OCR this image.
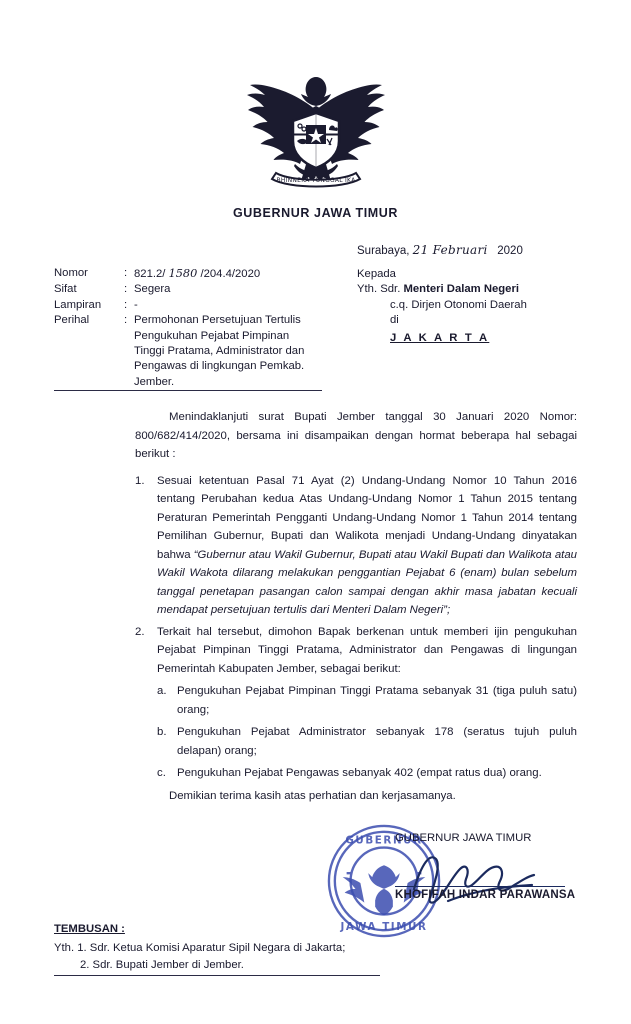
BHINNEKA TUNGGAL IKA
GUBERNUR JAWA TIMUR
Surabaya, 21 Februari 2020
Nomor	: 821.2/ 1580 /204.4/2020
Sifat	: Segera
Lampiran	: -
Perihal	: Permohonan Persetujuan Tertulis Pengukuhan Pejabat Pimpinan Tinggi Pratama, Administrator dan Pengawas di lingkungan Pemkab. Jember.
Kepada
Yth. Sdr. Menteri Dalam Negeri
c.q. Dirjen Otonomi Daerah
di
J A K A R T A

Menindaklanjuti surat Bupati Jember tanggal 30 Januari 2020 Nomor: 800/682/414/2020, bersama ini disampaikan dengan hormat beberapa hal sebagai berikut :

1. Sesuai ketentuan Pasal 71 Ayat (2) Undang-Undang Nomor 10 Tahun 2016 tentang Perubahan kedua Atas Undang-Undang Nomor 1 Tahun 2015 tentang Peraturan Pemerintah Pengganti Undang-Undang Nomor 1 Tahun 2014 tentang Pemilihan Gubernur, Bupati dan Walikota menjadi Undang-Undang dinyatakan bahwa “Gubernur atau Wakil Gubernur, Bupati atau Wakil Bupati dan Walikota atau Wakil Wakota dilarang melakukan penggantian Pejabat 6 (enam) bulan sebelum tanggal penetapan pasangan calon sampai dengan akhir masa jabatan kecuali mendapat persetujuan tertulis dari Menteri Dalam Negeri”;
2. Terkait hal tersebut, dimohon Bapak berkenan untuk memberi ijin pengukuhan Pejabat Pimpinan Tinggi Pratama, Administrator dan Pengawas di lingungan Pemerintah Kabupaten Jember, sebagai berikut:
a. Pengukuhan Pejabat Pimpinan Tinggi Pratama sebanyak 31 (tiga puluh satu) orang;
b. Pengukuhan Pejabat Administrator sebanyak 178 (seratus tujuh puluh delapan) orang;
c. Pengukuhan Pejabat Pengawas sebanyak 402 (empat ratus dua) orang.

Demikian terima kasih atas perhatian dan kerjasamanya.

GUBERNUR
JAWA TIMUR
GUBERNUR JAWA TIMUR
KHOFIFAH INDAR PARAWANSA
TEMBUSAN :
Yth. 1. Sdr. Ketua Komisi Aparatur Sipil Negara di Jakarta;
2. Sdr. Bupati Jember di Jember.
